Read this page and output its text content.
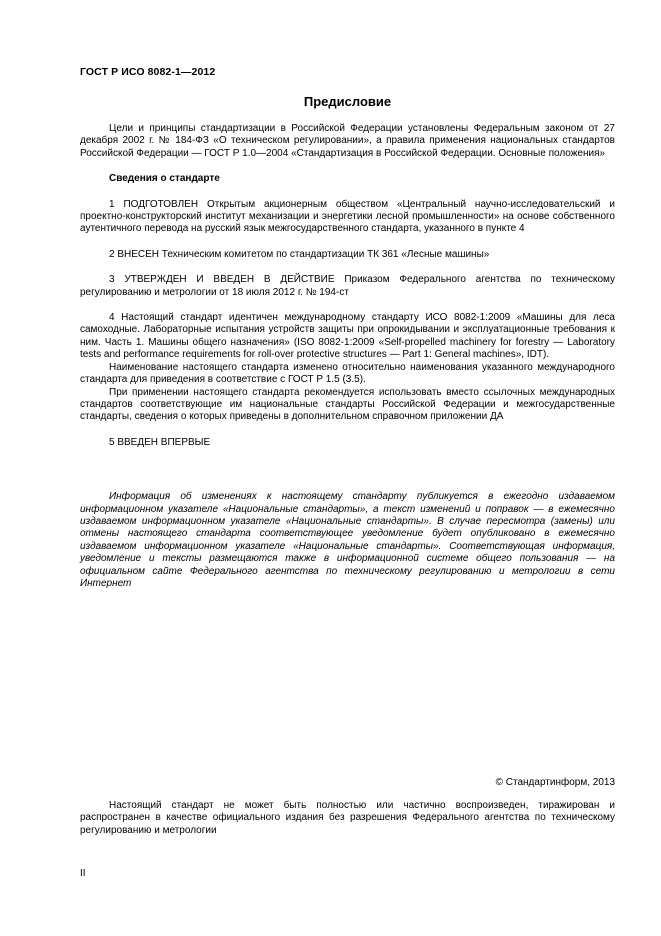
ГОСТ Р ИСО 8082-1—2012
Предисловие

Цели и принципы стандартизации в Российской Федерации установлены Федеральным законом от 27 декабря 2002 г. № 184-ФЗ «О техническом регулировании», а правила применения национальных стандартов Российской Федерации — ГОСТ Р 1.0—2004 «Стандартизация в Российской Федерации. Основные положения»

Сведения о стандарте

1 ПОДГОТОВЛЕН Открытым акционерным обществом «Центральный научно-исследовательский и проектно-конструкторский институт механизации и энергетики лесной промышленности» на основе собственного аутентичного перевода на русский язык межгосударственного стандарта, указанного в пункте 4

2 ВНЕСЕН Техническим комитетом по стандартизации ТК 361 «Лесные машины»

3 УТВЕРЖДЕН И ВВЕДЕН В ДЕЙСТВИЕ Приказом Федерального агентства по техническому регулированию и метрологии от 18 июля 2012 г. № 194-ст

4 Настоящий стандарт идентичен международному стандарту ИСО 8082-1:2009 «Машины для леса самоходные. Лабораторные испытания устройств защиты при опрокидывании и эксплуатационные требования к ним. Часть 1. Машины общего назначения» (ISO 8082-1:2009 «Self-propelled machinery for forestry — Laboratory tests and performance requirements for roll-over protective structures — Part 1: General machines», IDT).

Наименование настоящего стандарта изменено относительно наименования указанного международного стандарта для приведения в соответствие с ГОСТ Р 1.5 (3.5).

При применении настоящего стандарта рекомендуется использовать вместо ссылочных международных стандартов соответствующие им национальные стандарты Российской Федерации и межгосударственные стандарты, сведения о которых приведены в дополнительном справочном приложении ДА

5 ВВЕДЕН ВПЕРВЫЕ

Информация об изменениях к настоящему стандарту публикуется в ежегодно издаваемом информационном указателе «Национальные стандарты», а текст изменений и поправок — в ежемесячно издаваемом информационном указателе «Национальные стандарты». В случае пересмотра (замены) или отмены настоящего стандарта соответствующее уведомление будет опубликовано в ежемесячно издаваемом информационном указателе «Национальные стандарты». Соответствующая информация, уведомление и тексты размещаются также в информационной системе общего пользования — на официальном сайте Федерального агентства по техническому регулированию и метрологии в сети Интернет

© Стандартинформ, 2013

Настоящий стандарт не может быть полностью или частично воспроизведен, тиражирован и распространен в качестве официального издания без разрешения Федерального агентства по техническому регулированию и метрологии

II
